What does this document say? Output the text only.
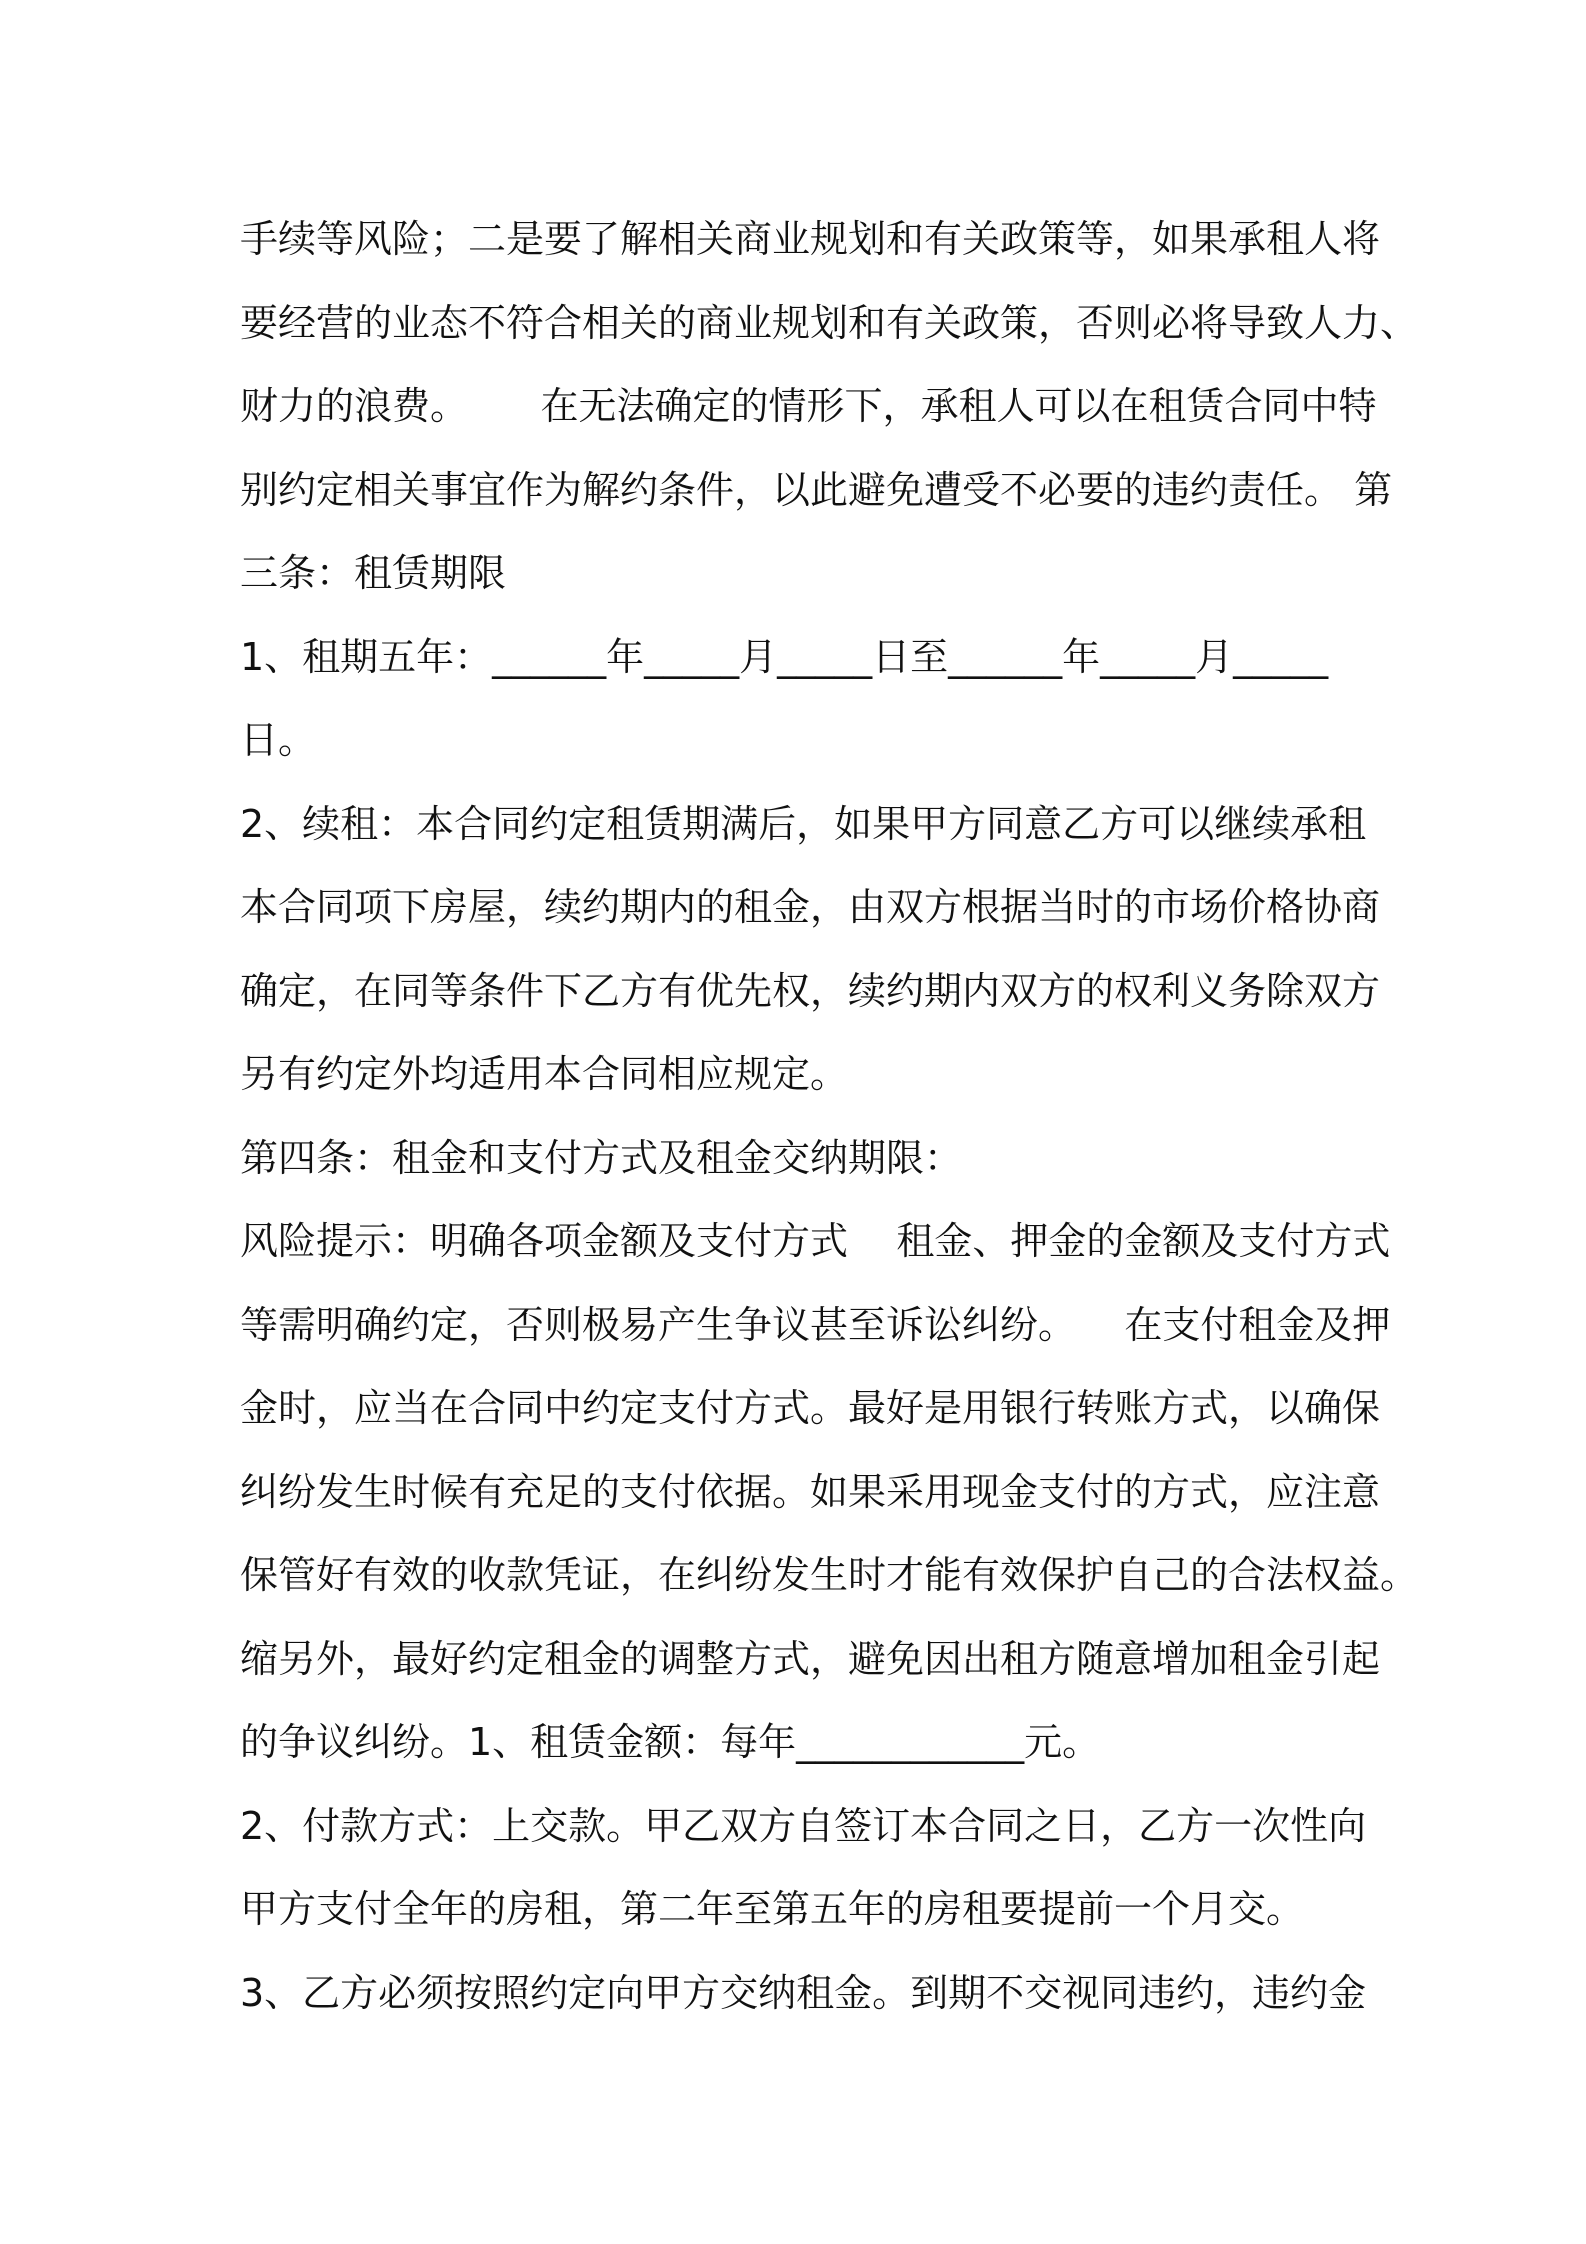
手续等风险；二是要了解相关商业规划和有关政策等，如果承租人将
要经营的业态不符合相关的商业规划和有关政策，否则必将导致人力、
财力的浪费。      在无法确定的情形下，承租人可以在租赁合同中特
别约定相关事宜作为解约条件，以此避免遭受不必要的违约责任。 第
三条：租赁期限
1、租期五年：______年_____月_____日至______年_____月_____
日。
2、续租：本合同约定租赁期满后，如果甲方同意乙方可以继续承租
本合同项下房屋，续约期内的租金，由双方根据当时的市场价格协商
确定，在同等条件下乙方有优先权，续约期内双方的权利义务除双方
另有约定外均适用本合同相应规定。
第四条：租金和支付方式及租金交纳期限：
风险提示：明确各项金额及支付方式    租金、押金的金额及支付方式
等需明确约定，否则极易产生争议甚至诉讼纠纷。    在支付租金及押
金时，应当在合同中约定支付方式。最好是用银行转账方式，以确保
纠纷发生时候有充足的支付依据。如果采用现金支付的方式，应注意
保管好有效的收款凭证，在纠纷发生时才能有效保护自己的合法权益。
缩另外，最好约定租金的调整方式，避免因出租方随意增加租金引起
的争议纠纷。1、租赁金额：每年____________元。
2、付款方式：上交款。甲乙双方自签订本合同之日，乙方一次性向
甲方支付全年的房租，第二年至第五年的房租要提前一个月交。
3、乙方必须按照约定向甲方交纳租金。到期不交视同违约，违约金
